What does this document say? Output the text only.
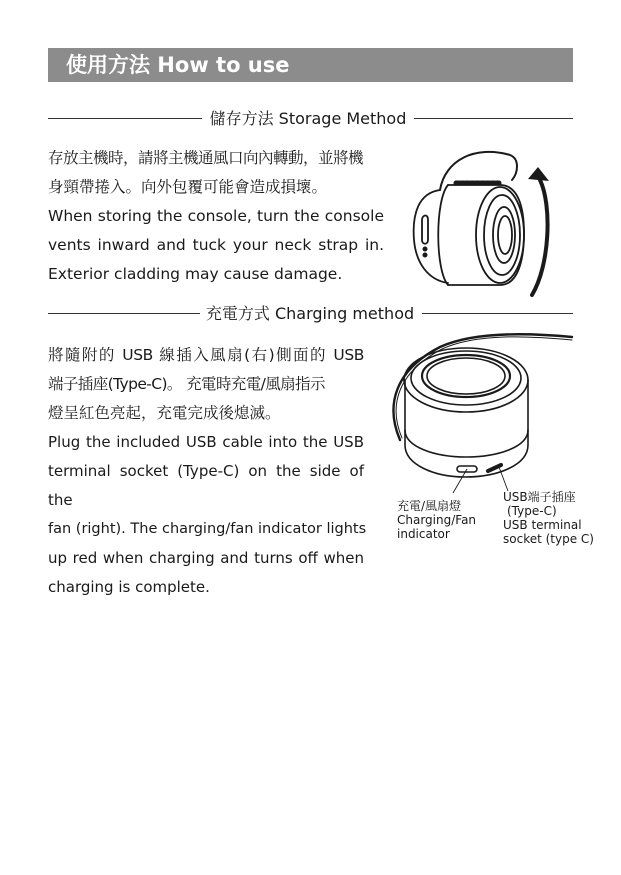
使用方法 How to use
儲存方法 Storage Method
存放主機時，請將主機通風口向內轉動，並將機
身頸帶捲入。向外包覆可能會造成損壞。
When storing the console, turn the console
vents inward and tuck your neck strap in.
Exterior cladding may cause damage.
充電方式 Charging method
將隨附的 USB 線插入風扇(右)側面的 USB
端子插座(Type-C)。 充電時充電/風扇指示
燈呈紅色亮起，充電完成後熄滅。
Plug the included USB cable into the USB
terminal socket (Type-C) on the side of the
fan (right). The charging/fan indicator lights
up red when charging and turns off when
charging is complete.
充電/風扇燈
Charging/Fan
indicator
USB端子插座
(Type-C)
USB terminal
socket (type C)
